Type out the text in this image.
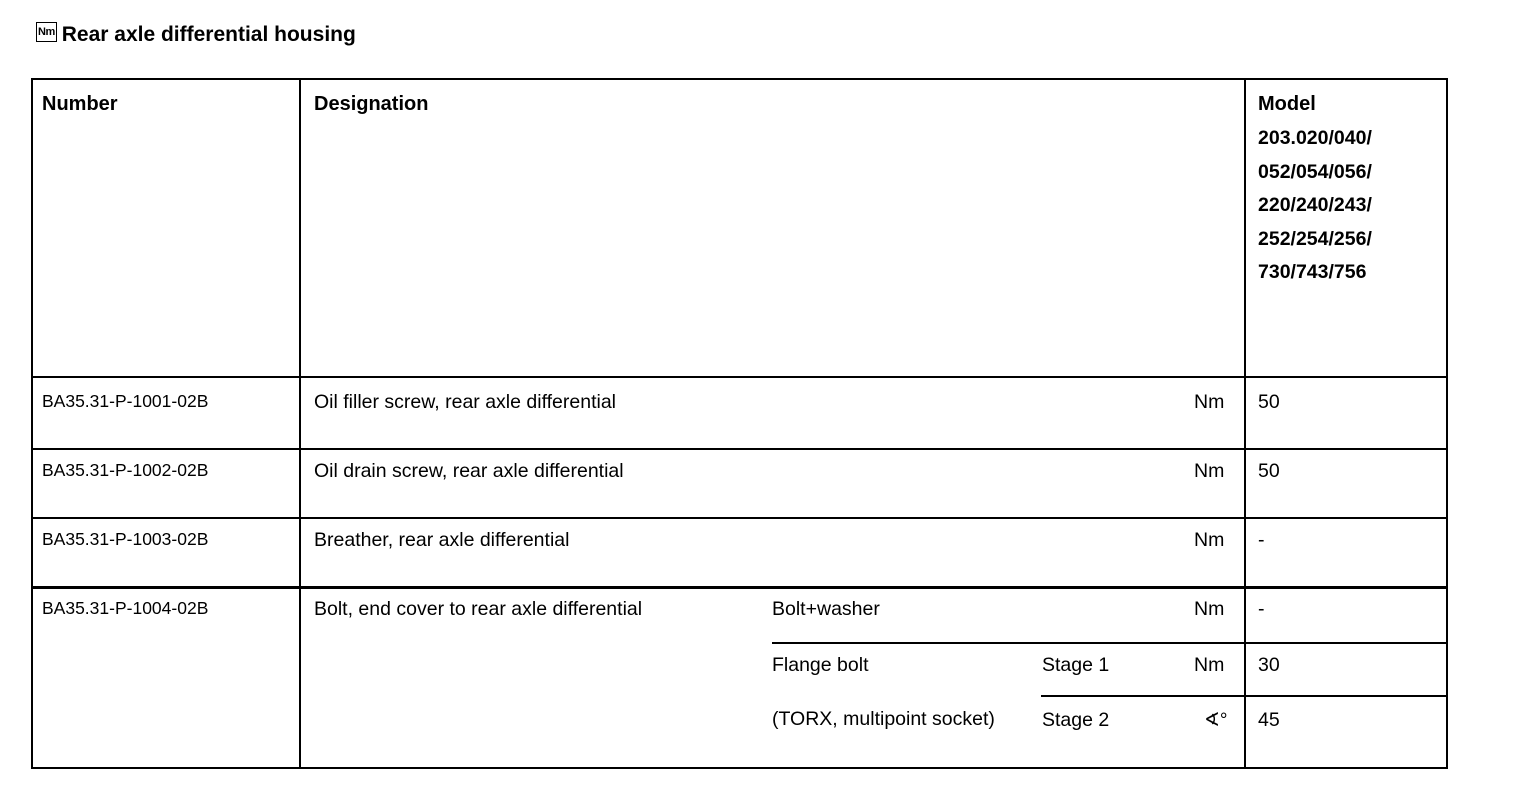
Nm Rear axle differential housing
Number	Designation	Model
203.020/040/
052/054/056/
220/240/243/
252/254/256/
730/743/756
BA35.31-P-1001-02B	Oil filler screw, rear axle differential	Nm 50
BA35.31-P-1002-02B	Oil drain screw, rear axle differential	Nm 50
BA35.31-P-1003-02B	Breather, rear axle differential	Nm -
BA35.31-P-1004-02B	Bolt, end cover to rear axle differential	Bolt+washer	Nm -
Flange bolt	Stage 1	Nm 30
(TORX, multipoint socket) Stage 2	∢° 45
